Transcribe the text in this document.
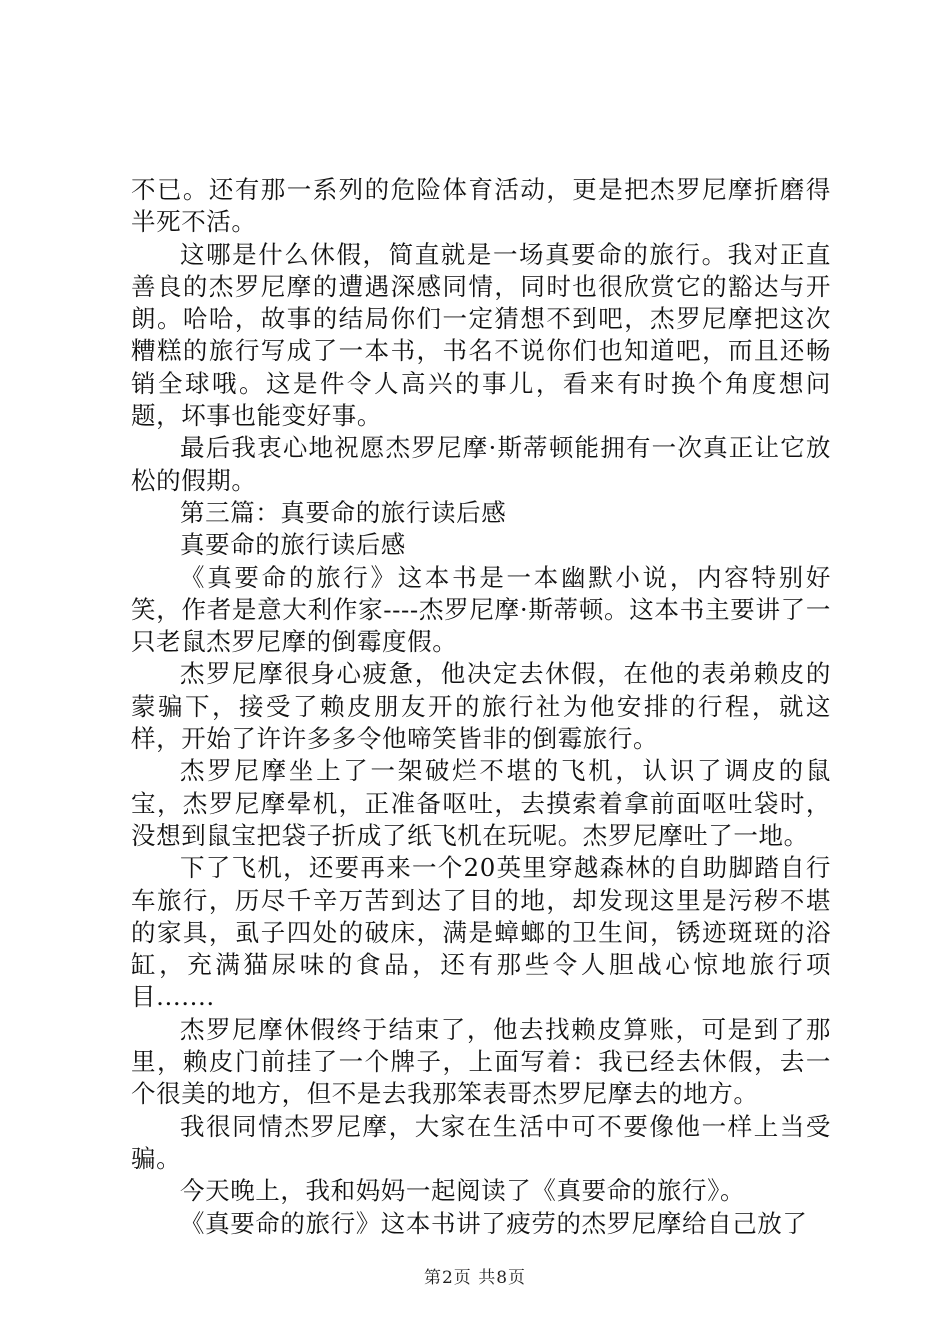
不已。还有那一系列的危险体育活动，更是把杰罗尼摩折磨得半死不活。

这哪是什么休假，简直就是一场真要命的旅行。我对正直善良的杰罗尼摩的遭遇深感同情，同时也很欣赏它的豁达与开朗。哈哈，故事的结局你们一定猜想不到吧，杰罗尼摩把这次糟糕的旅行写成了一本书，书名不说你们也知道吧，而且还畅销全球哦。这是件令人高兴的事儿，看来有时换个角度想问题，坏事也能变好事。

最后我衷心地祝愿杰罗尼摩·斯蒂顿能拥有一次真正让它放松的假期。

第三篇：真要命的旅行读后感

真要命的旅行读后感

《真要命的旅行》这本书是一本幽默小说，内容特别好笑，作者是意大利作家----杰罗尼摩·斯蒂顿。这本书主要讲了一只老鼠杰罗尼摩的倒霉度假。

杰罗尼摩很身心疲惫，他决定去休假，在他的表弟赖皮的蒙骗下，接受了赖皮朋友开的旅行社为他安排的行程，就这样，开始了许许多多令他啼笑皆非的倒霉旅行。

杰罗尼摩坐上了一架破烂不堪的飞机，认识了调皮的鼠宝，杰罗尼摩晕机，正准备呕吐，去摸索着拿前面呕吐袋时，没想到鼠宝把袋子折成了纸飞机在玩呢。杰罗尼摩吐了一地。

下了飞机，还要再来一个20英里穿越森林的自助脚踏自行车旅行，历尽千辛万苦到达了目的地，却发现这里是污秽不堪的家具，虱子四处的破床，满是蟑螂的卫生间，锈迹斑斑的浴缸，充满猫尿味的食品，还有那些令人胆战心惊地旅行项目.......

杰罗尼摩休假终于结束了，他去找赖皮算账，可是到了那里，赖皮门前挂了一个牌子，上面写着：我已经去休假，去一个很美的地方，但不是去我那笨表哥杰罗尼摩去的地方。

我很同情杰罗尼摩，大家在生活中可不要像他一样上当受骗。

今天晚上，我和妈妈一起阅读了《真要命的旅行》。

《真要命的旅行》这本书讲了疲劳的杰罗尼摩给自己放了

第2页 共8页
